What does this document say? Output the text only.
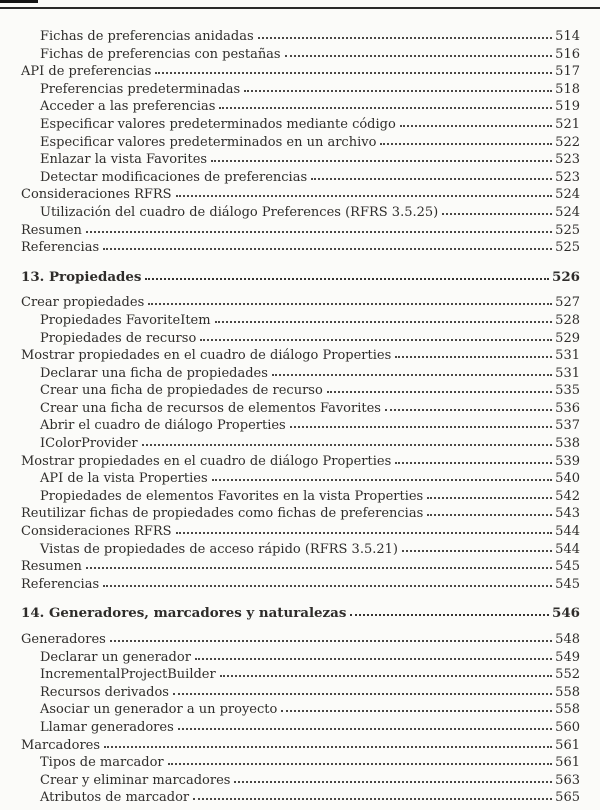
Fichas de preferencias anidadas	514
Fichas de preferencias con pestañas	516
API de preferencias	517
Preferencias predeterminadas	518
Acceder a las preferencias	519
Especificar valores predeterminados mediante código	521
Especificar valores predeterminados en un archivo	522
Enlazar la vista Favorites	523
Detectar modificaciones de preferencias	523
Consideraciones RFRS	524
Utilización del cuadro de diálogo Preferences (RFRS 3.5.25)	524
Resumen	525
Referencias	525
13. Propiedades	526
Crear propiedades	527
Propiedades FavoriteItem	528
Propiedades de recurso	529
Mostrar propiedades en el cuadro de diálogo Properties	531
Declarar una ficha de propiedades	531
Crear una ficha de propiedades de recurso	535
Crear una ficha de recursos de elementos Favorites	536
Abrir el cuadro de diálogo Properties	537
IColorProvider	538
Mostrar propiedades en el cuadro de diálogo Properties	539
API de la vista Properties	540
Propiedades de elementos Favorites en la vista Properties	542
Reutilizar fichas de propiedades como fichas de preferencias	543
Consideraciones RFRS	544
Vistas de propiedades de acceso rápido (RFRS 3.5.21)	544
Resumen	545
Referencias	545
14. Generadores, marcadores y naturalezas	546
Generadores	548
Declarar un generador	549
IncrementalProjectBuilder	552
Recursos derivados	558
Asociar un generador a un proyecto	558
Llamar generadores	560
Marcadores	561
Tipos de marcador	561
Crear y eliminar marcadores	563
Atributos de marcador	565
